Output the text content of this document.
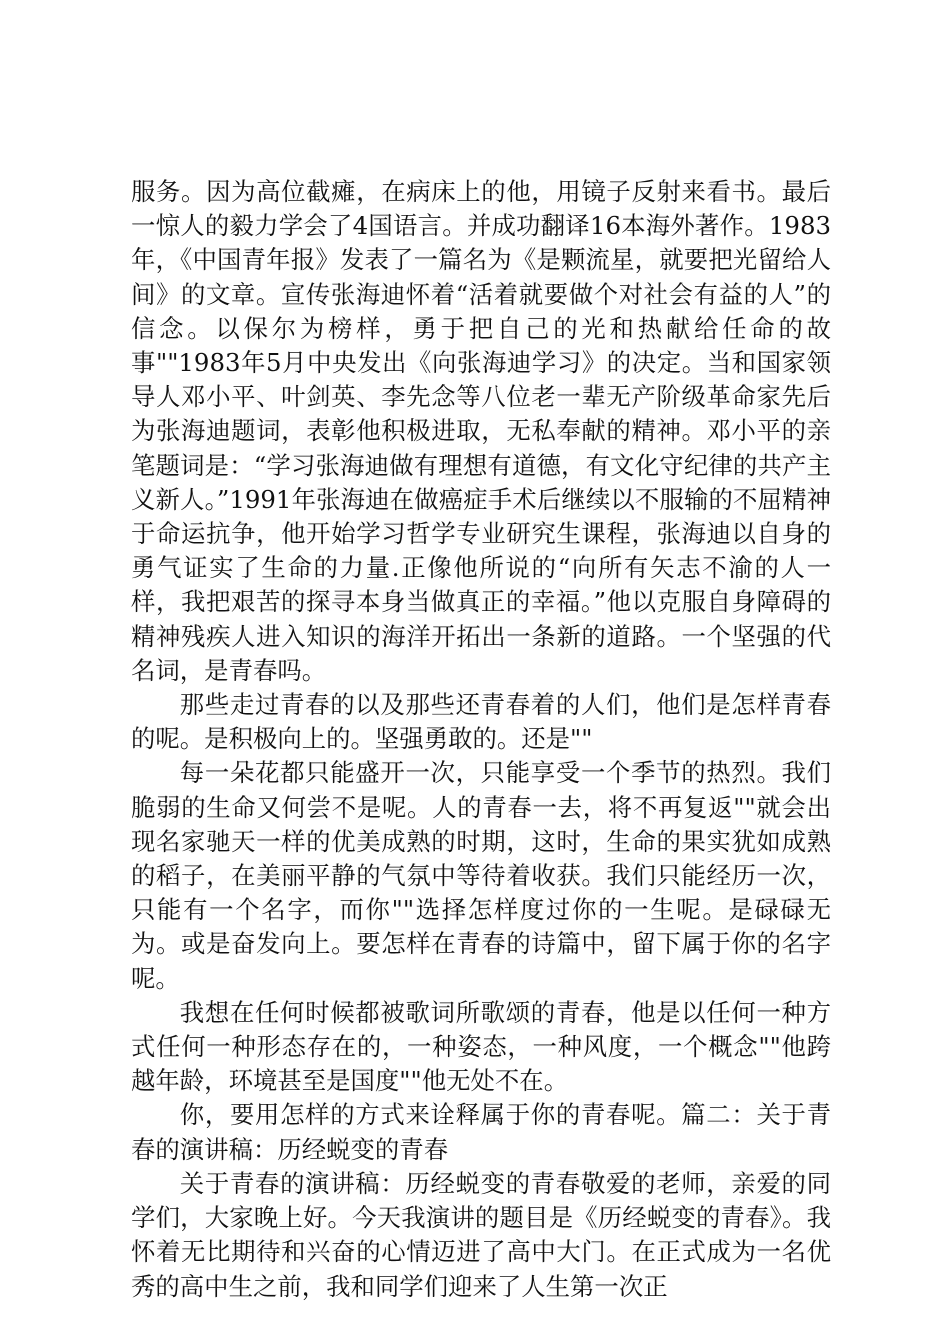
服务。因为高位截瘫，在病床上的他，用镜子反射来看书。最后一惊人的毅力学会了4国语言。并成功翻译16本海外著作。1983年，《中国青年报》发表了一篇名为《是颗流星，就要把光留给人间》的文章。宣传张海迪怀着“活着就要做个对社会有益的人”的信念。以保尔为榜样，勇于把自己的光和热献给任命的故事""1983年5月中央发出《向张海迪学习》的决定。当和国家领导人邓小平、叶剑英、李先念等八位老一辈无产阶级革命家先后为张海迪题词，表彰他积极进取，无私奉献的精神。邓小平的亲笔题词是：“学习张海迪做有理想有道德，有文化守纪律的共产主义新人。”1991年张海迪在做癌症手术后继续以不服输的不屈精神于命运抗争，他开始学习哲学专业研究生课程，张海迪以自身的勇气证实了生命的力量.正像他所说的“向所有矢志不渝的人一样，我把艰苦的探寻本身当做真正的幸福。”他以克服自身障碍的精神残疾人进入知识的海洋开拓出一条新的道路。一个坚强的代名词，是青春吗。

那些走过青春的以及那些还青春着的人们，他们是怎样青春的呢。是积极向上的。坚强勇敢的。还是""

每一朵花都只能盛开一次，只能享受一个季节的热烈。我们脆弱的生命又何尝不是呢。人的青春一去，将不再复返""就会出现名家驰天一样的优美成熟的时期，这时，生命的果实犹如成熟的稻子，在美丽平静的气氛中等待着收获。我们只能经历一次，只能有一个名字，而你""选择怎样度过你的一生呢。是碌碌无为。或是奋发向上。要怎样在青春的诗篇中，留下属于你的名字呢。

我想在任何时候都被歌词所歌颂的青春，他是以任何一种方式任何一种形态存在的，一种姿态，一种风度，一个概念""他跨越年龄，环境甚至是国度""他无处不在。

你，要用怎样的方式来诠释属于你的青春呢。篇二：关于青春的演讲稿：历经蜕变的青春

关于青春的演讲稿：历经蜕变的青春敬爱的老师，亲爱的同学们，大家晚上好。今天我演讲的题目是《历经蜕变的青春》。我怀着无比期待和兴奋的心情迈进了高中大门。在正式成为一名优秀的高中生之前，我和同学们迎来了人生第一次正
